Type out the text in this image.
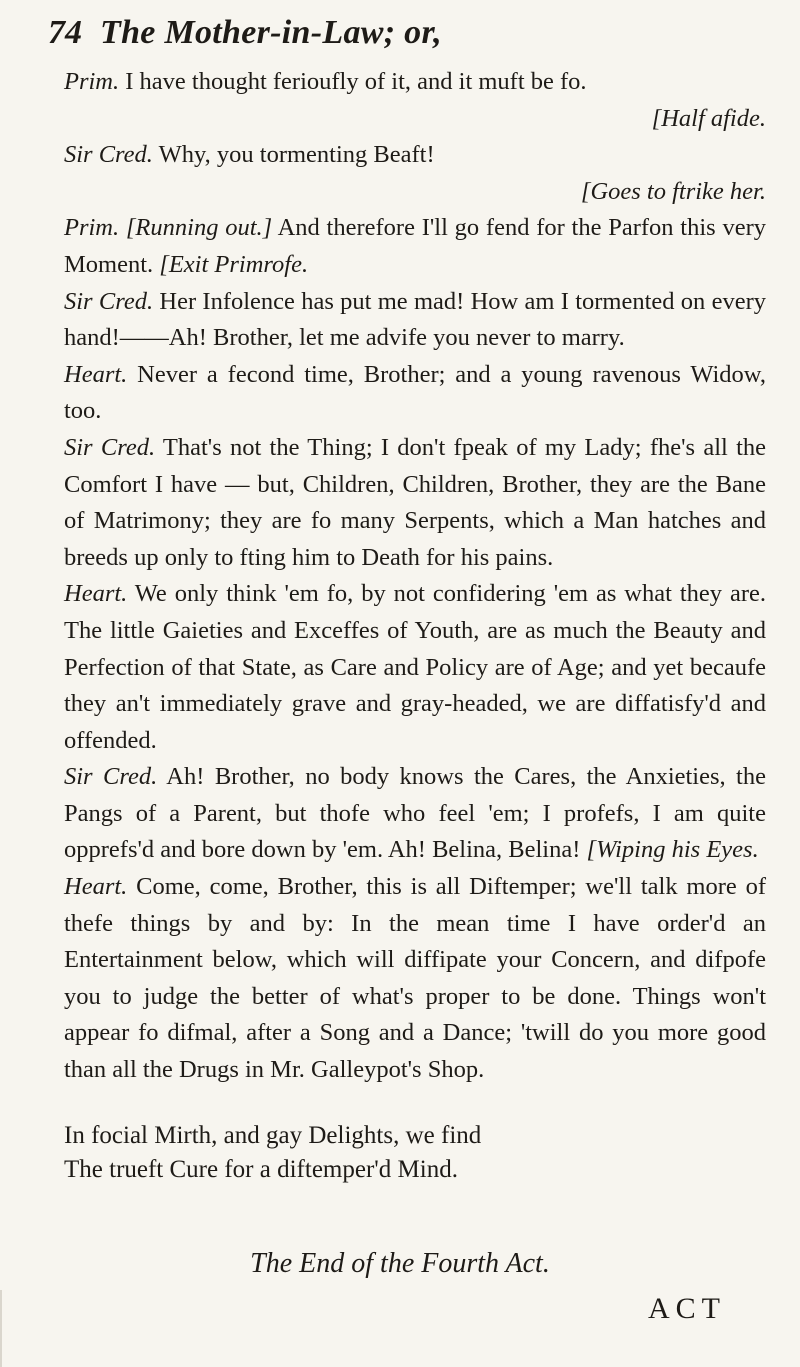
74 The Mother-in-Law; or,

Prim. I have thought ferioufly of it, and it muft be fo.
[Half afide.

Sir Cred. Why, you tormenting Beaft!
[Goes to ftrike her.

Prim. [Running out.] And therefore I'll go fend for the Parfon this very Moment. [Exit Primrofe.

Sir Cred. Her Infolence has put me mad! How am I tormented on every hand!——Ah! Brother, let me advife you never to marry.

Heart. Never a fecond time, Brother; and a young ravenous Widow, too.

Sir Cred. That's not the Thing; I don't fpeak of my Lady; fhe's all the Comfort I have — but, Children, Children, Brother, they are the Bane of Matrimony; they are fo many Serpents, which a Man hatches and breeds up only to fting him to Death for his pains.

Heart. We only think 'em fo, by not confidering 'em as what they are. The little Gaieties and Exceffes of Youth, are as much the Beauty and Perfection of that State, as Care and Policy are of Age; and yet becaufe they an't immediately grave and gray-headed, we are diffatisfy'd and offended.

Sir Cred. Ah! Brother, no body knows the Cares, the Anxieties, the Pangs of a Parent, but thofe who feel 'em; I profefs, I am quite opprefs'd and bore down by 'em. Ah! Belina, Belina! [Wiping his Eyes.

Heart. Come, come, Brother, this is all Diftemper; we'll talk more of thefe things by and by: In the mean time I have order'd an Entertainment below, which will diffipate your Concern, and difpofe you to judge the better of what's proper to be done. Things won't appear fo difmal, after a Song and a Dance; 'twill do you more good than all the Drugs in Mr. Galleypot's Shop.

In focial Mirth, and gay Delights, we find
The trueft Cure for a diftemper'd Mind.
The End of the Fourth Act.
ACT
